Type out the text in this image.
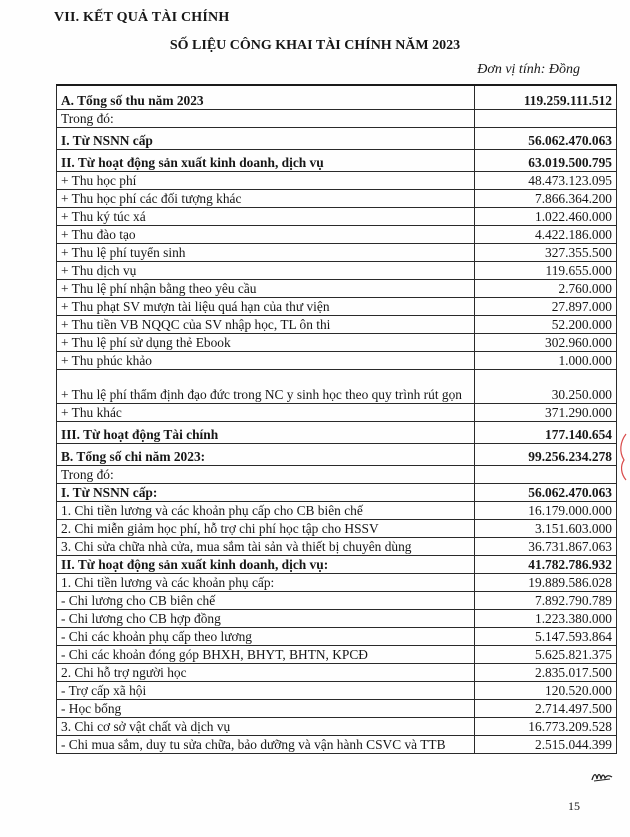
VII. KẾT QUẢ TÀI CHÍNH
SỐ LIỆU CÔNG KHAI TÀI CHÍNH NĂM 2023
Đơn vị tính: Đồng
A. Tổng số thu năm 2023	119.259.111.512
Trong đó:	
I. Từ NSNN cấp	56.062.470.063
II. Từ hoạt động sản xuất kinh doanh, dịch vụ	63.019.500.795
+ Thu học phí	48.473.123.095
+ Thu học phí các đối tượng khác	7.866.364.200
+ Thu ký túc xá	1.022.460.000
+ Thu đào tạo	4.422.186.000
+ Thu lệ phí tuyển sinh	327.355.500
+ Thu dịch vụ	119.655.000
+ Thu lệ phí nhận bằng theo yêu cầu	2.760.000
+ Thu phạt SV mượn tài liệu quá hạn của thư viện	27.897.000
+ Thu tiền VB NQQC của SV nhập học, TL ôn thi	52.200.000
+ Thu lệ phí sử dụng thẻ Ebook	302.960.000
+ Thu phúc khảo	1.000.000
+ Thu lệ phí thẩm định đạo đức trong NC y sinh học theo quy trình rút gọn	30.250.000
+ Thu khác	371.290.000
III. Từ hoạt động Tài chính	177.140.654
B. Tổng số chi năm 2023:	99.256.234.278
Trong đó:	
I. Từ NSNN cấp:	56.062.470.063
1. Chi tiền lương và các khoản phụ cấp cho CB biên chế	16.179.000.000
2. Chi miễn giảm học phí, hỗ trợ chi phí học tập cho HSSV	3.151.603.000
3. Chi sửa chữa nhà cửa, mua sắm tài sản và thiết bị chuyên dùng	36.731.867.063
II. Từ hoạt động sản xuất kinh doanh, dịch vụ:	41.782.786.932
1. Chi tiền lương và các khoản phụ cấp:	19.889.586.028
- Chi lương cho CB biên chế	7.892.790.789
- Chi lương cho CB hợp đồng	1.223.380.000
- Chi các khoản phụ cấp theo lương	5.147.593.864
- Chi các khoản đóng góp BHXH, BHYT, BHTN, KPCĐ	5.625.821.375
2. Chi hỗ trợ người học	2.835.017.500
- Trợ cấp xã hội	120.520.000
- Học bổng	2.714.497.500
3. Chi cơ sở vật chất và dịch vụ	16.773.209.528
- Chi mua sắm, duy tu sửa chữa, bảo dưỡng và vận hành CSVC và TTB	2.515.044.399
15
